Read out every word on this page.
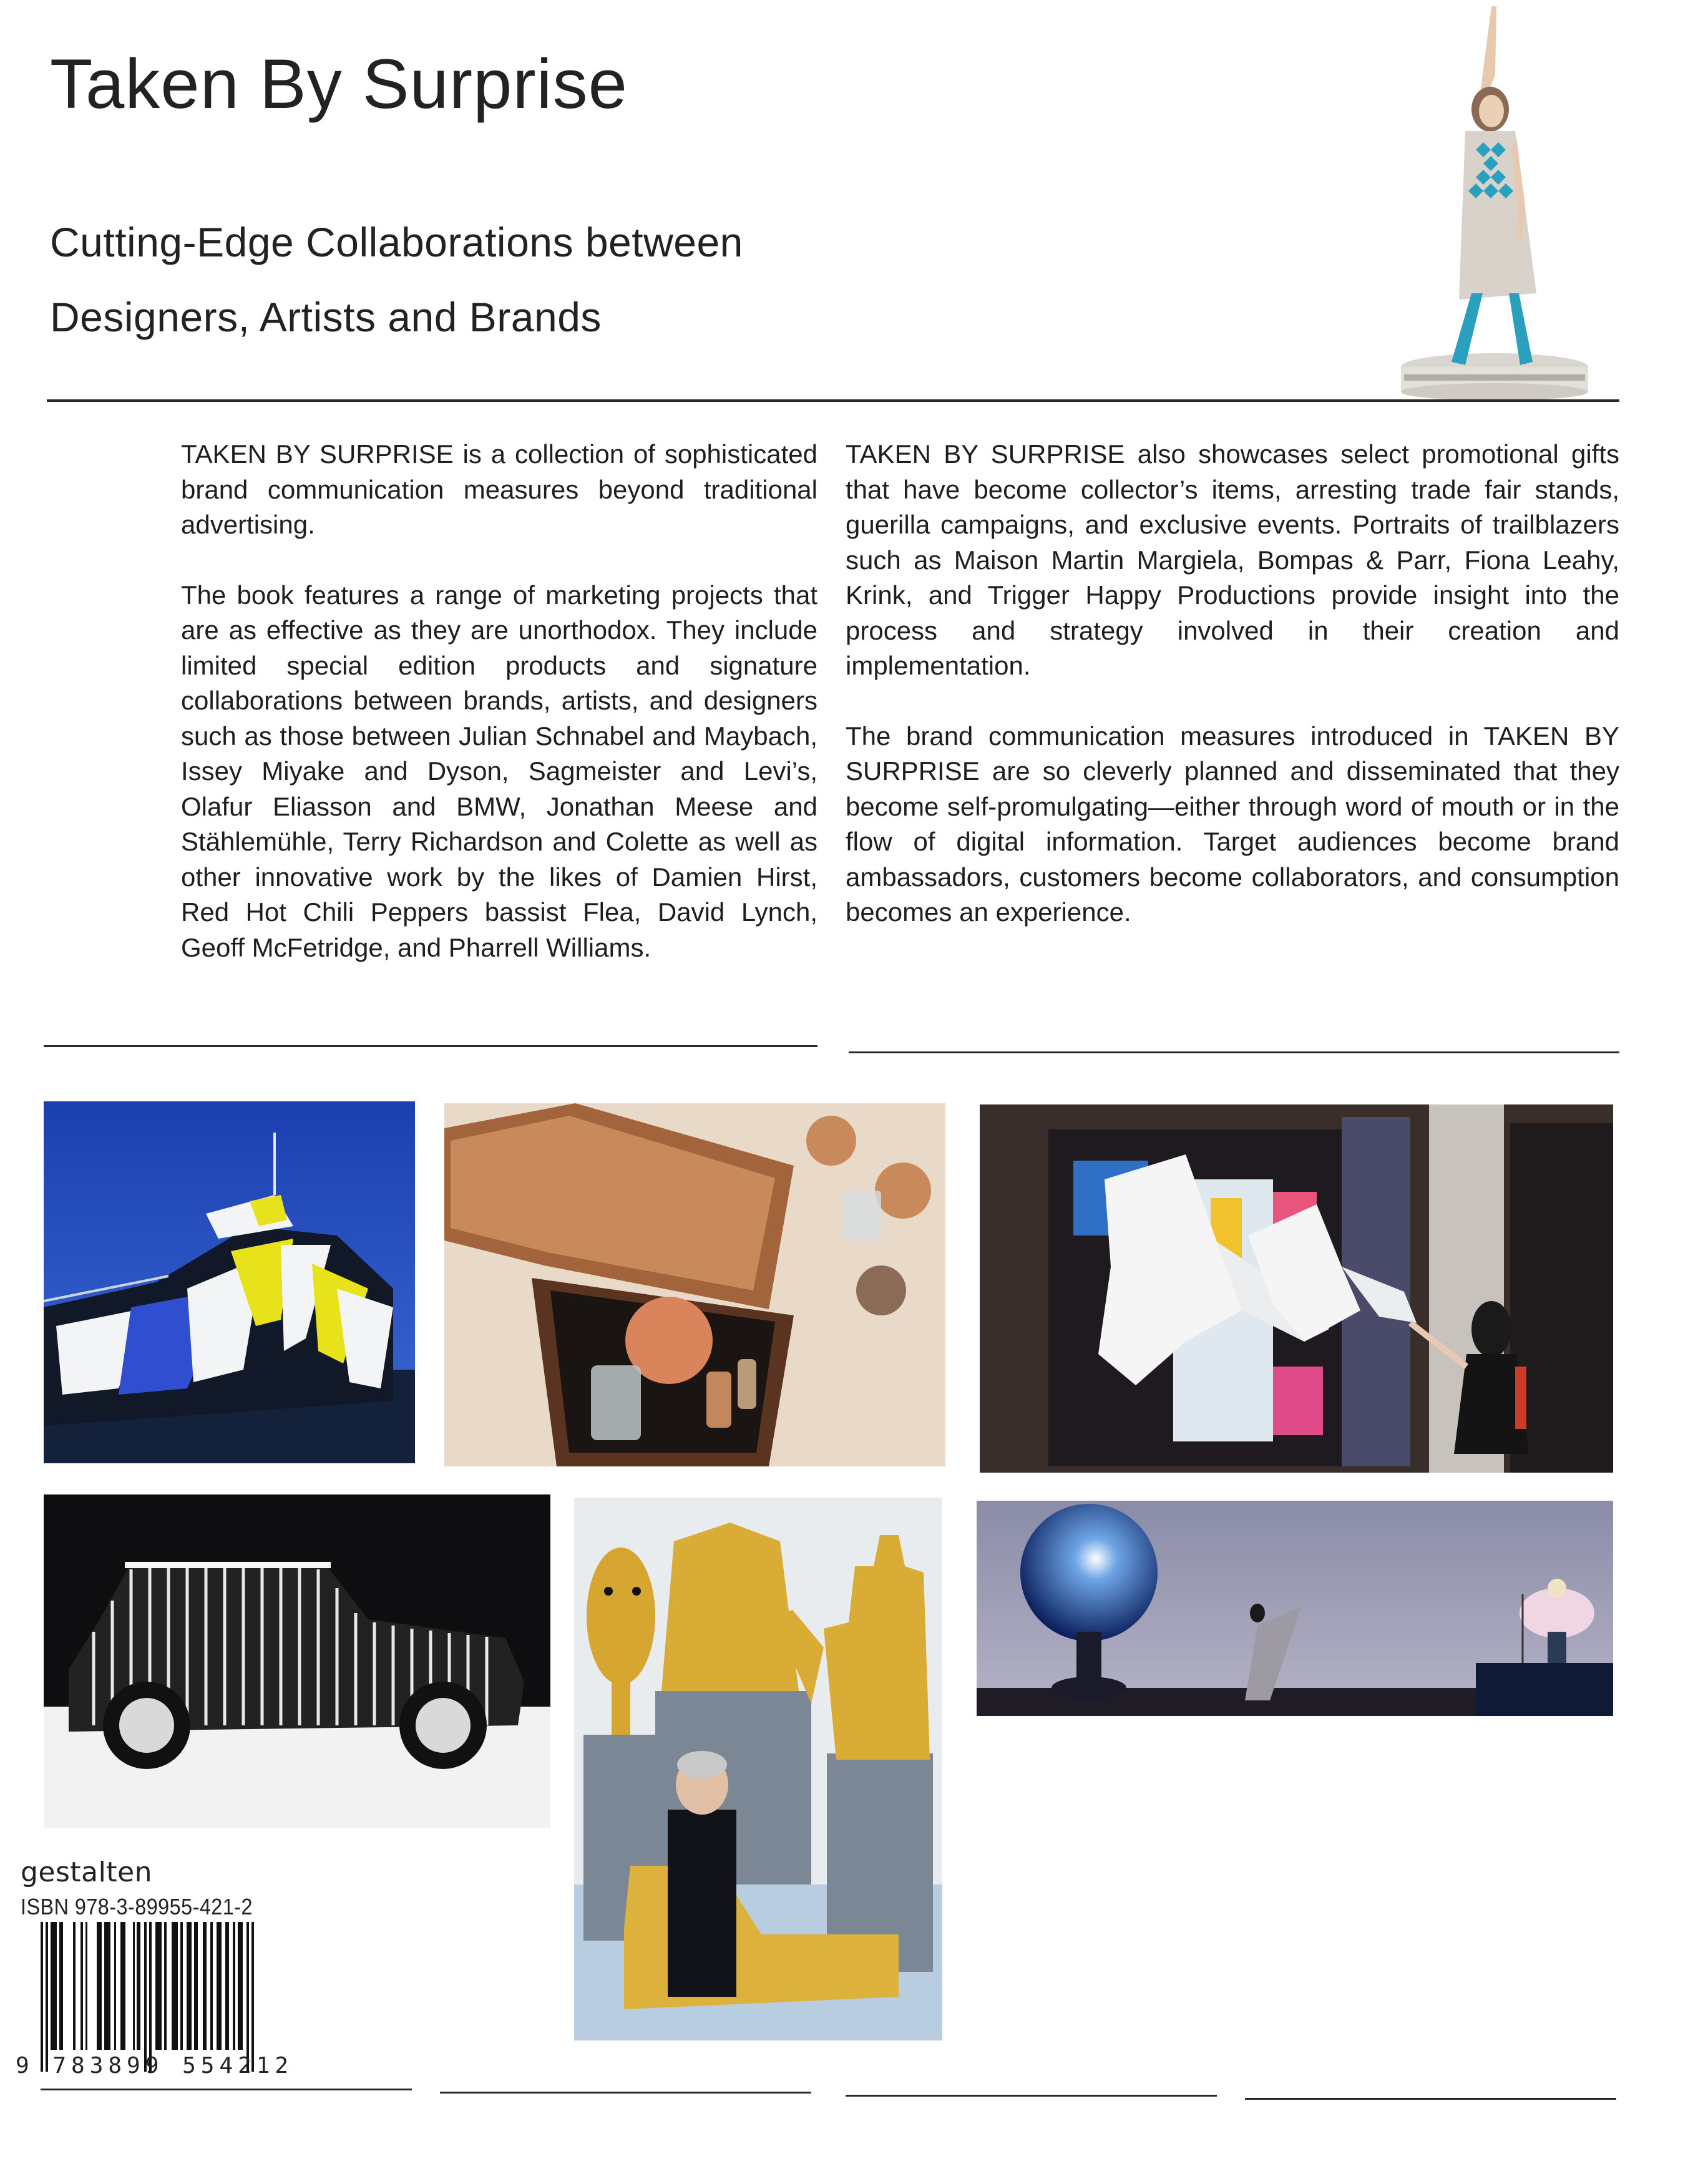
Taken By Surprise
Cutting-Edge Collaborations between
Designers, Artists and Brands

TAKEN BY SURPRISE is a collection of sophisticated brand communication measures beyond traditional advertising.

The book features a range of marketing projects that are as effective as they are unorthodox. They include limited special edition products and signature collaborations between brands, artists, and designers such as those between Julian Schnabel and Maybach, Issey Miyake and Dyson, Sagmeister and Levi’s, Olafur Eliasson and BMW, Jonathan Meese and Stählemühle, Terry Richardson and Colette as well as other innovative work by the likes of Damien Hirst, Red Hot Chili Peppers bassist Flea, David Lynch, Geoff McFetridge, and Pharrell Williams.

TAKEN BY SURPRISE also showcases select promotional gifts that have become collector’s items, arresting trade fair stands, guerilla campaigns, and exclusive events. Portraits of trailblazers such as Maison Martin Margiela, Bompas & Parr, Fiona Leahy, Krink, and Trigger Happy Productions provide insight into the process and strategy involved in their creation and implementation.

The brand communication measures introduced in TAKEN BY SURPRISE are so cleverly planned and disseminated that they become self-promulgating—either through word of mouth or in the flow of digital information. Target audiences become brand ambassadors, customers become collaborators, and consumption becomes an experience.

gestalten
ISBN 978-3-89955-421-2
9 783899 554212
